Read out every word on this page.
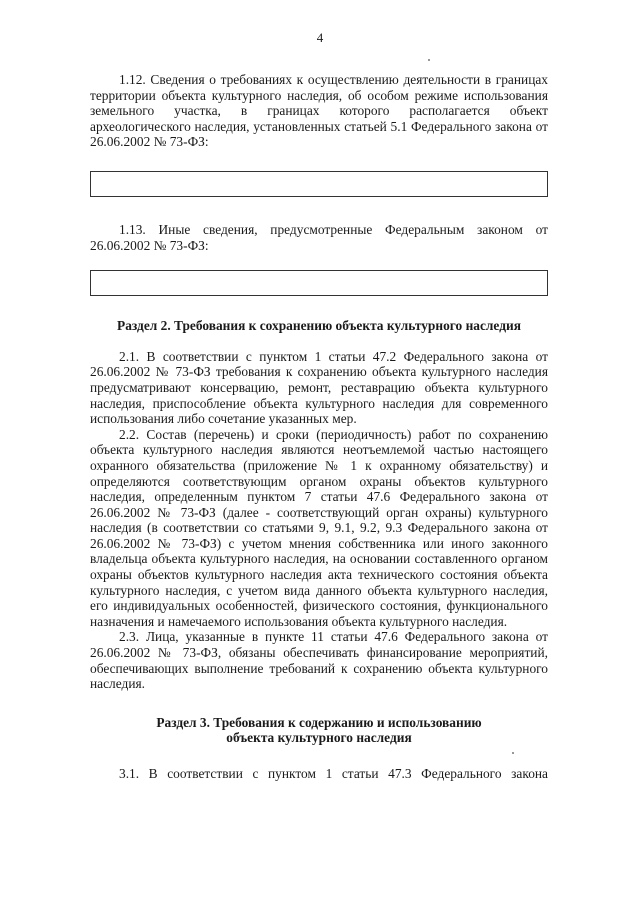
4

1.12. Сведения о требованиях к осуществлению деятельности в границах территории объекта культурного наследия, об особом режиме использования земельного участка, в границах которого располагается объект археологического наследия, установленных статьей 5.1 Федерального закона от 26.06.2002 № 73-ФЗ:

1.13. Иные сведения, предусмотренные Федеральным законом от 26.06.2002 № 73-ФЗ:

Раздел 2. Требования к сохранению объекта культурного наследия

2.1. В соответствии с пунктом 1 статьи 47.2 Федерального закона от 26.06.2002 № 73-ФЗ требования к сохранению объекта культурного наследия предусматривают консервацию, ремонт, реставрацию объекта культурного наследия, приспособление объекта культурного наследия для современного использования либо сочетание указанных мер.

2.2. Состав (перечень) и сроки (периодичность) работ по сохранению объекта культурного наследия являются неотъемлемой частью настоящего охранного обязательства (приложение № 1 к охранному обязательству) и определяются соответствующим органом охраны объектов культурного наследия, определенным пунктом 7 статьи 47.6 Федерального закона от 26.06.2002 № 73-ФЗ (далее - соответствующий орган охраны) культурного наследия (в соответствии со статьями 9, 9.1, 9.2, 9.3 Федерального закона от 26.06.2002 № 73-ФЗ) с учетом мнения собственника или иного законного владельца объекта культурного наследия, на основании составленного органом охраны объектов культурного наследия акта технического состояния объекта культурного наследия, с учетом вида данного объекта культурного наследия, его индивидуальных особенностей, физического состояния, функционального назначения и намечаемого использования объекта культурного наследия.

2.3. Лица, указанные в пункте 11 статьи 47.6 Федерального закона от 26.06.2002 № 73-ФЗ, обязаны обеспечивать финансирование мероприятий, обеспечивающих выполнение требований к сохранению объекта культурного наследия.

Раздел 3. Требования к содержанию и использованию

объекта культурного наследия

3.1. В соответствии с пунктом 1 статьи 47.3 Федерального закона
